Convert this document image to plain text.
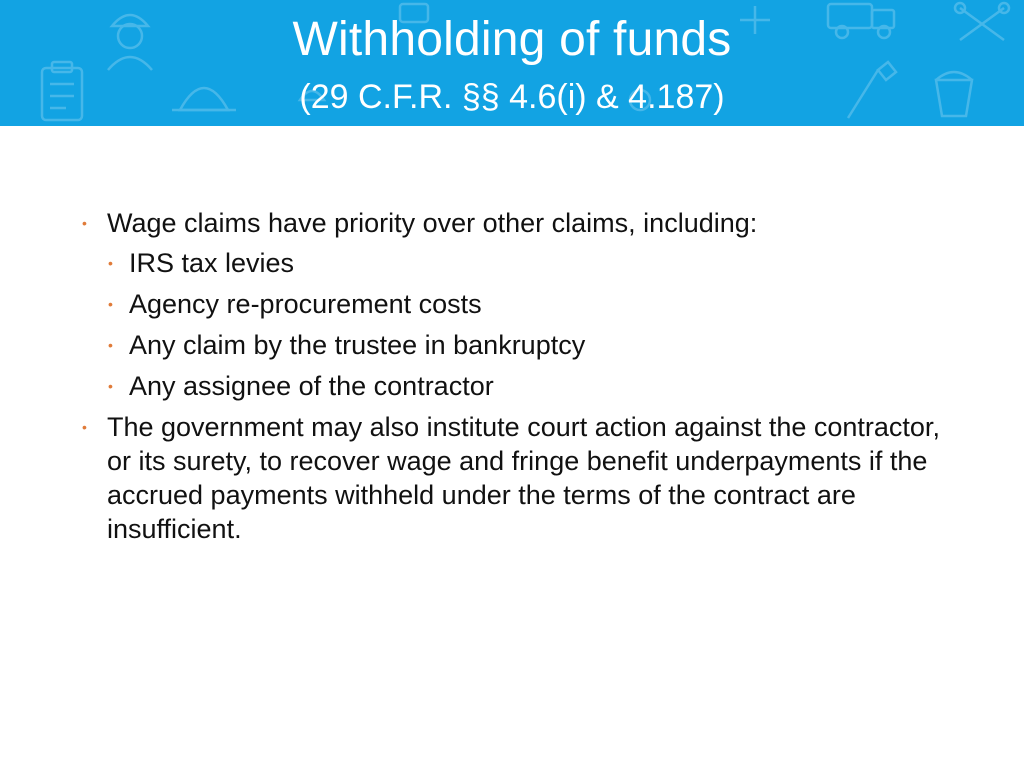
Withholding of funds
(29 C.F.R. §§ 4.6(i) & 4.187)
• Wage claims have priority over other claims, including:
• IRS tax levies
• Agency re-procurement costs
• Any claim by the trustee in bankruptcy
• Any assignee of the contractor
• The government may also institute court action against the contractor, or its surety, to recover wage and fringe benefit underpayments if the accrued payments withheld under the terms of the contract are insufficient.
